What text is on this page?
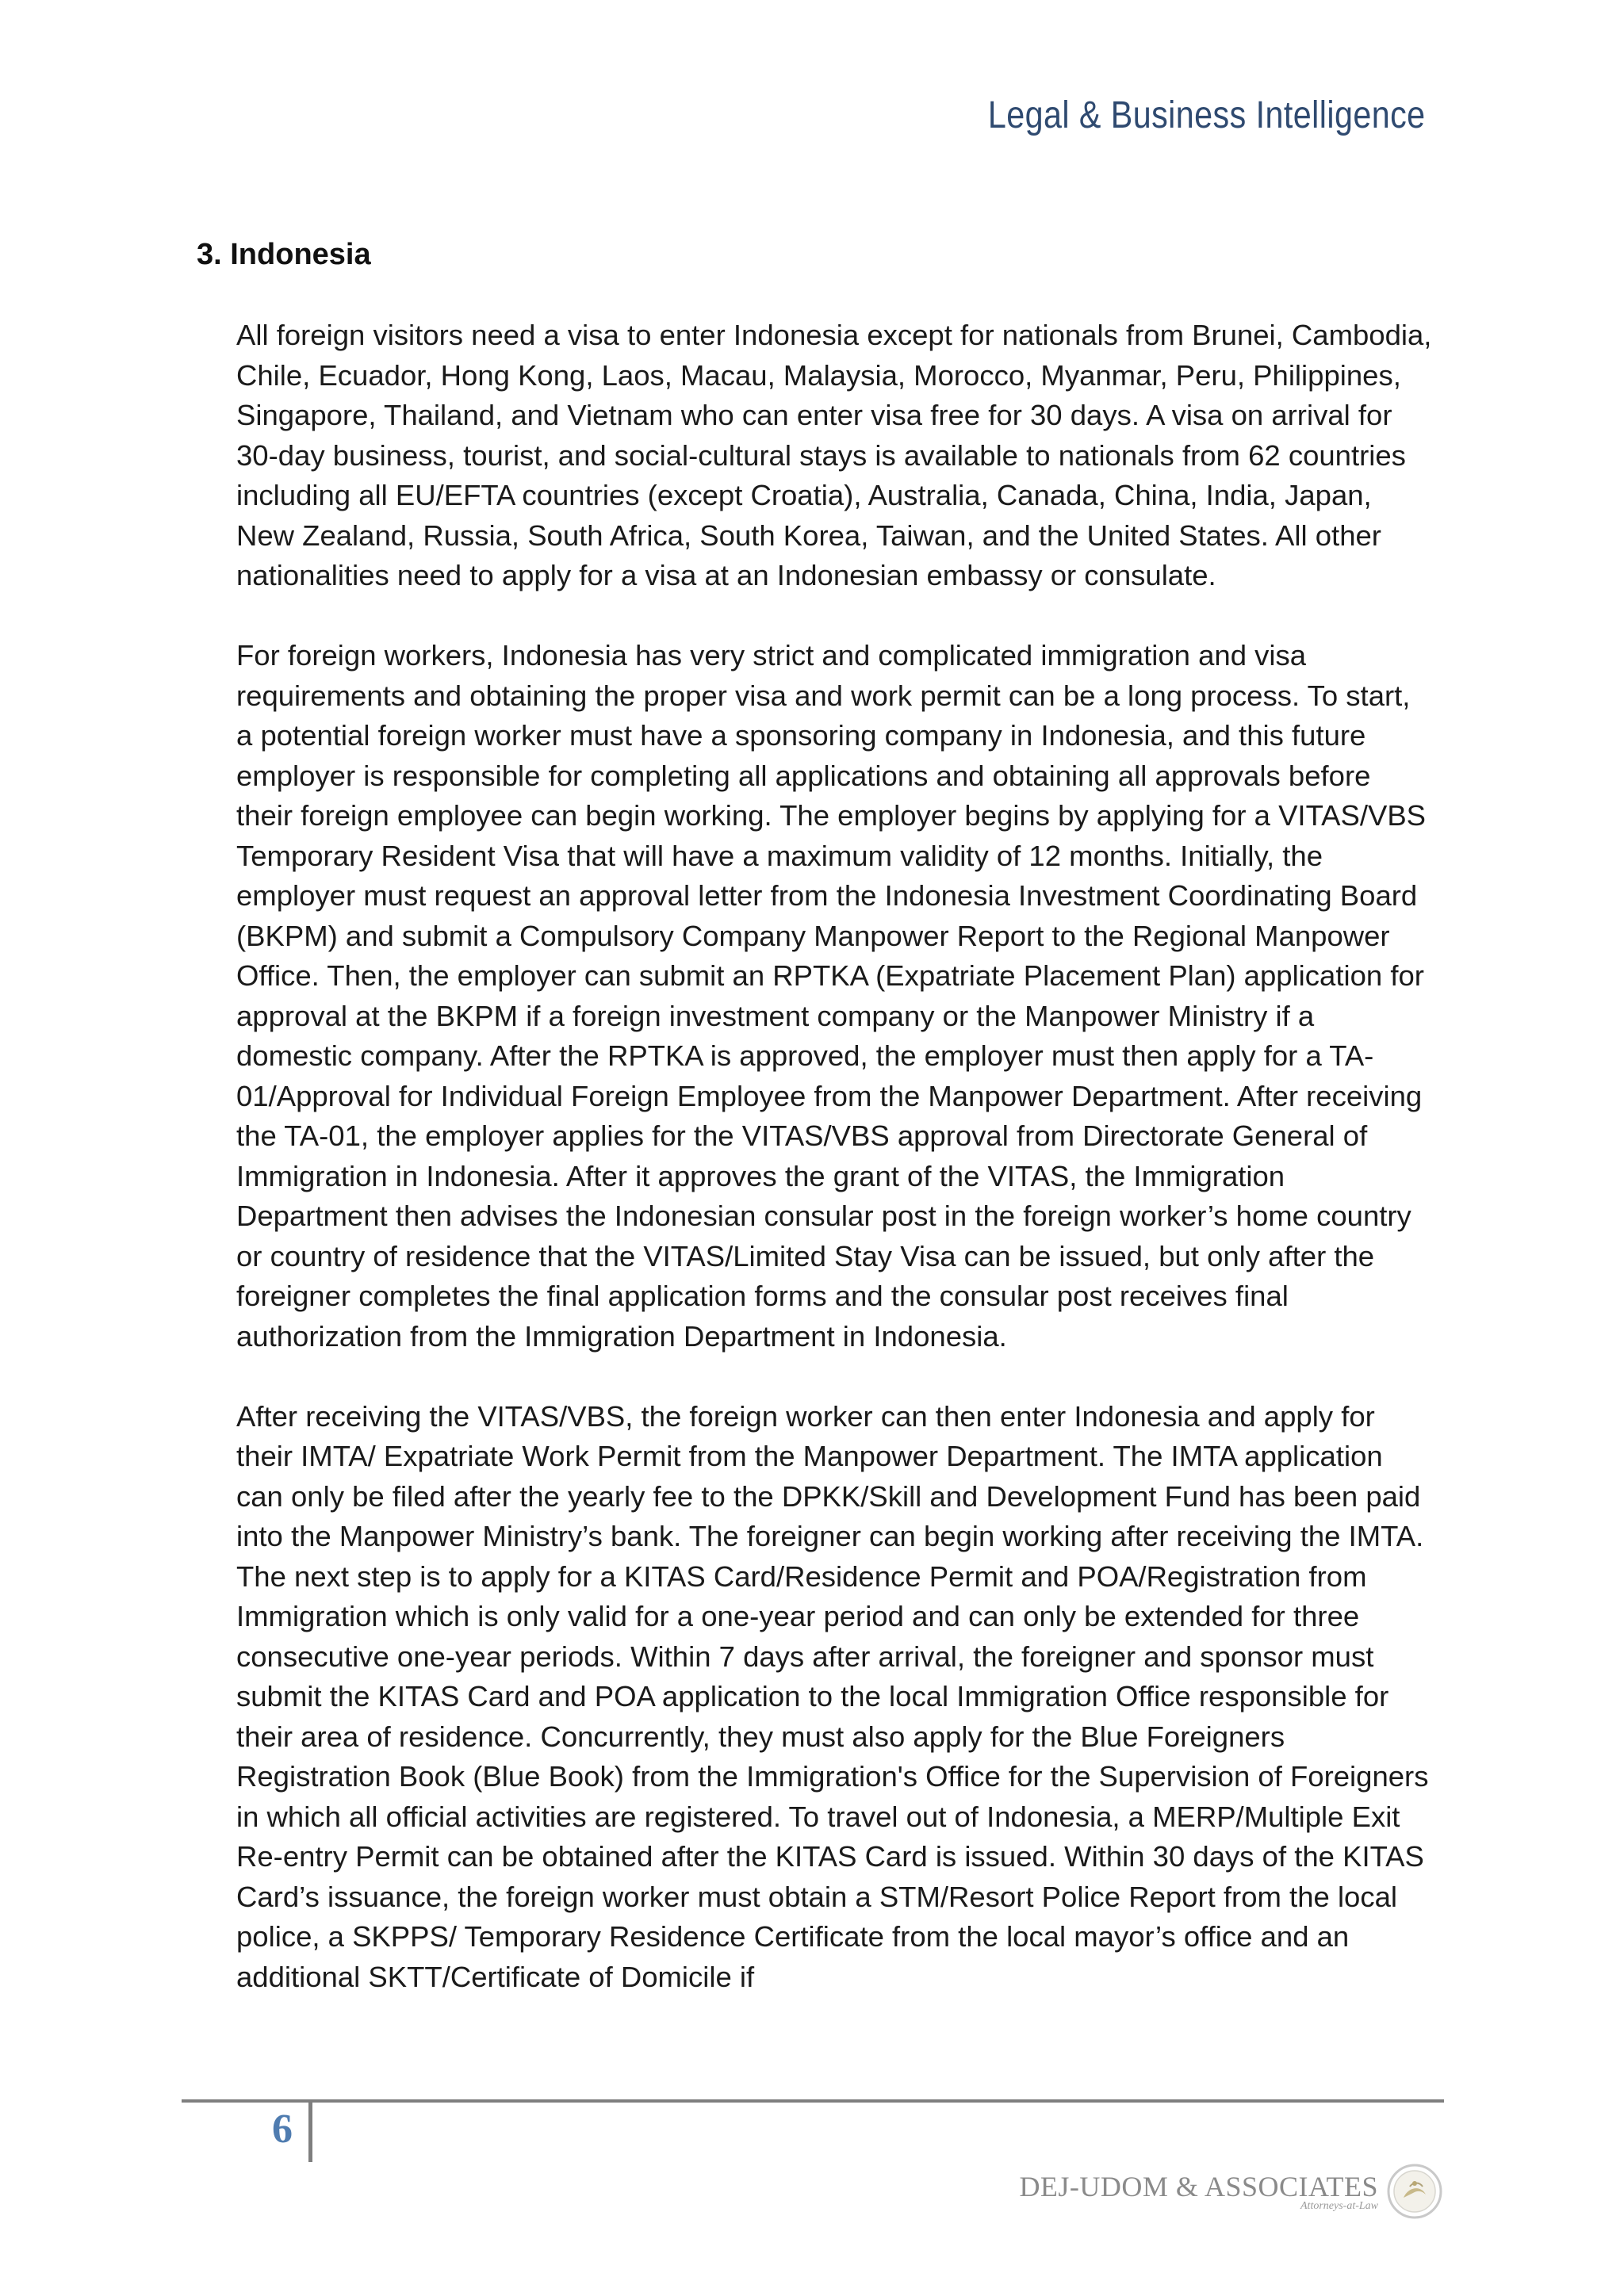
Legal & Business Intelligence
3. Indonesia

All foreign visitors need a visa to enter Indonesia except for nationals from Brunei, Cambodia, Chile, Ecuador, Hong Kong, Laos, Macau, Malaysia, Morocco, Myanmar, Peru, Philippines, Singapore, Thailand, and Vietnam who can enter visa free for 30 days. A visa on arrival for 30-day business, tourist, and social-cultural stays is available to nationals from 62 countries including all EU/EFTA countries (except Croatia), Australia, Canada, China, India, Japan, New Zealand, Russia, South Africa, South Korea, Taiwan, and the United States. All other nationalities need to apply for a visa at an Indonesian embassy or consulate.

For foreign workers, Indonesia has very strict and complicated immigration and visa requirements and obtaining the proper visa and work permit can be a long process. To start, a potential foreign worker must have a sponsoring company in Indonesia, and this future employer is responsible for completing all applications and obtaining all approvals before their foreign employee can begin working. The employer begins by applying for a VITAS/VBS Temporary Resident Visa that will have a maximum validity of 12 months. Initially, the employer must request an approval letter from the Indonesia Investment Coordinating Board (BKPM) and submit a Compulsory Company Manpower Report to the Regional Manpower Office. Then, the employer can submit an RPTKA (Expatriate Placement Plan) application for approval at the BKPM if a foreign investment company or the Manpower Ministry if a domestic company. After the RPTKA is approved, the employer must then apply for a TA-01/Approval for Individual Foreign Employee from the Manpower Department. After receiving the TA-01, the employer applies for the VITAS/VBS approval from Directorate General of Immigration in Indonesia. After it approves the grant of the VITAS, the Immigration Department then advises the Indonesian consular post in the foreign worker’s home country or country of residence that the VITAS/Limited Stay Visa can be issued, but only after the foreigner completes the final application forms and the consular post receives final authorization from the Immigration Department in Indonesia.

After receiving the VITAS/VBS, the foreign worker can then enter Indonesia and apply for their IMTA/ Expatriate Work Permit from the Manpower Department. The IMTA application can only be filed after the yearly fee to the DPKK/Skill and Development Fund has been paid into the Manpower Ministry’s bank. The foreigner can begin working after receiving the IMTA. The next step is to apply for a KITAS Card/Residence Permit and POA/Registration from Immigration which is only valid for a one-year period and can only be extended for three consecutive one-year periods. Within 7 days after arrival, the foreigner and sponsor must submit the KITAS Card and POA application to the local Immigration Office responsible for their area of residence. Concurrently, they must also apply for the Blue Foreigners Registration Book (Blue Book) from the Immigration's Office for the Supervision of Foreigners in which all official activities are registered. To travel out of Indonesia, a MERP/Multiple Exit Re-entry Permit can be obtained after the KITAS Card is issued. Within 30 days of the KITAS Card’s issuance, the foreign worker must obtain a STM/Resort Police Report from the local police, a SKPPS/ Temporary Residence Certificate from the local mayor’s office and an additional SKTT/Certificate of Domicile if

6
DEJ-UDOM & ASSOCIATES
Attorneys-at-Law
